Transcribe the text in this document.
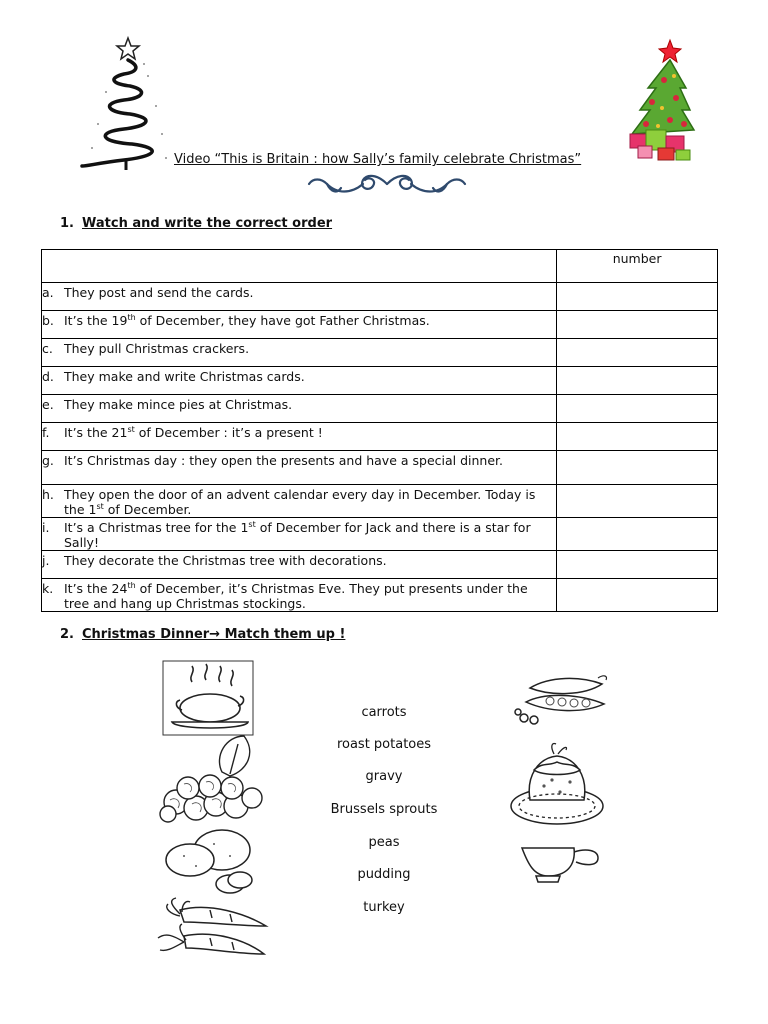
Video “This is Britain : how Sally’s family celebrate Christmas”
1. Watch and write the correct order

	number

a. They post and send the cards.	

b. It’s the 19th of December, they have got Father Christmas.	

c. They pull Christmas crackers.	

d. They make and write Christmas cards.	

e. They make mince pies at Christmas.	

f. It’s the 21st of December : it’s a present !	

g. It’s Christmas day : they open the presents and have a special dinner.	

h. They open the door of an advent calendar every day in December. Today is the 1st of December.	

i. It’s a Christmas tree for the 1st of December for Jack and there is a star for Sally!	

j. They decorate the Christmas tree with decorations.	

k. It’s the 24th of December, it’s Christmas Eve. They put presents under the tree and hang up Christmas stockings.	

2. Christmas Dinner→ Match them up !
carrots
roast potatoes
gravy
Brussels sprouts
peas
pudding
turkey
